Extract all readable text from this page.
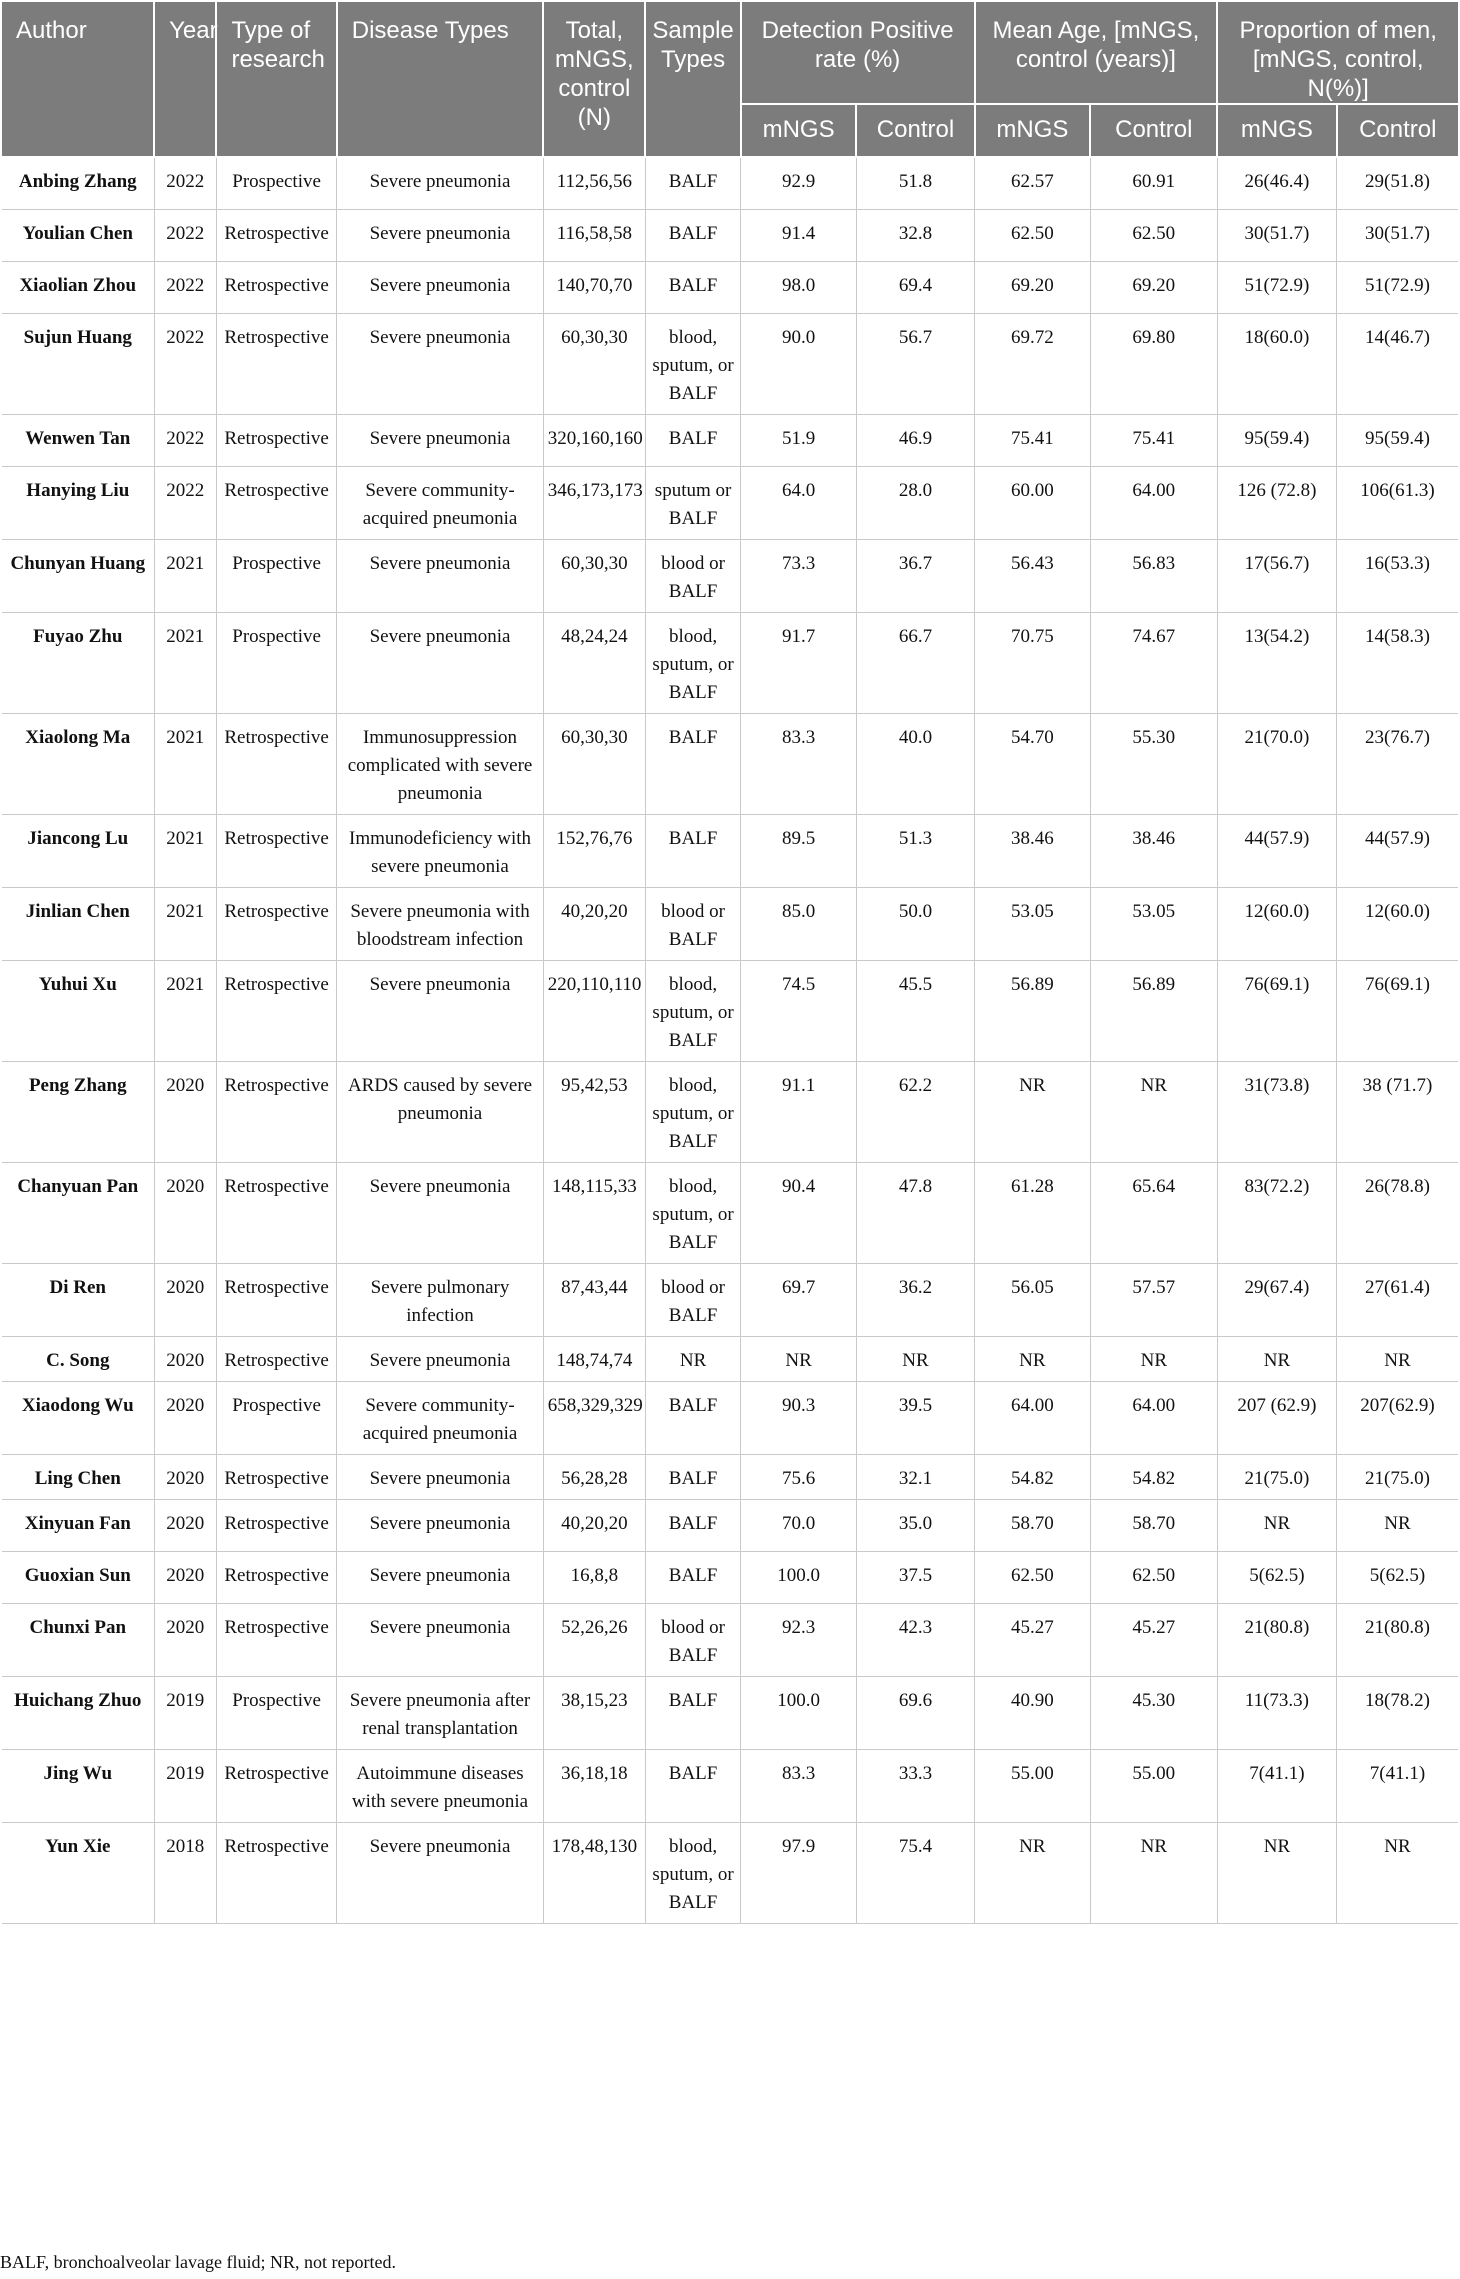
Author	Year	Type of research	Disease Types	Total, mNGS, control (N)	Sample Types	Detection Positive rate (%)		Mean Age, [mNGS, control (years)]		Proportion of men, [mNGS, control, N(%)]	
						mNGS	Control	mNGS	Control	mNGS	Control
Anbing Zhang	2022	Prospective	Severe pneumonia	112,56,56	BALF	92.9	51.8	62.57	60.91	26(46.4)	29(51.8)
Youlian Chen	2022	Retrospective	Severe pneumonia	116,58,58	BALF	91.4	32.8	62.50	62.50	30(51.7)	30(51.7)
Xiaolian Zhou	2022	Retrospective	Severe pneumonia	140,70,70	BALF	98.0	69.4	69.20	69.20	51(72.9)	51(72.9)
Sujun Huang	2022	Retrospective	Severe pneumonia	60,30,30	blood, sputum, or BALF	90.0	56.7	69.72	69.80	18(60.0)	14(46.7)
Wenwen Tan	2022	Retrospective	Severe pneumonia	320,160,160	BALF	51.9	46.9	75.41	75.41	95(59.4)	95(59.4)
Hanying Liu	2022	Retrospective	Severe community-acquired pneumonia	346,173,173	sputum or BALF	64.0	28.0	60.00	64.00	126 (72.8)	106(61.3)
Chunyan Huang	2021	Prospective	Severe pneumonia	60,30,30	blood or BALF	73.3	36.7	56.43	56.83	17(56.7)	16(53.3)
Fuyao Zhu	2021	Prospective	Severe pneumonia	48,24,24	blood, sputum, or BALF	91.7	66.7	70.75	74.67	13(54.2)	14(58.3)
Xiaolong Ma	2021	Retrospective	Immunosuppression complicated with severe pneumonia	60,30,30	BALF	83.3	40.0	54.70	55.30	21(70.0)	23(76.7)
Jiancong Lu	2021	Retrospective	Immunodeficiency with severe pneumonia	152,76,76	BALF	89.5	51.3	38.46	38.46	44(57.9)	44(57.9)
Jinlian Chen	2021	Retrospective	Severe pneumonia with bloodstream infection	40,20,20	blood or BALF	85.0	50.0	53.05	53.05	12(60.0)	12(60.0)
Yuhui Xu	2021	Retrospective	Severe pneumonia	220,110,110	blood, sputum, or BALF	74.5	45.5	56.89	56.89	76(69.1)	76(69.1)
Peng Zhang	2020	Retrospective	ARDS caused by severe pneumonia	95,42,53	blood, sputum, or BALF	91.1	62.2	NR	NR	31(73.8)	38 (71.7)
Chanyuan Pan	2020	Retrospective	Severe pneumonia	148,115,33	blood, sputum, or BALF	90.4	47.8	61.28	65.64	83(72.2)	26(78.8)
Di Ren	2020	Retrospective	Severe pulmonary infection	87,43,44	blood or BALF	69.7	36.2	56.05	57.57	29(67.4)	27(61.4)
C. Song	2020	Retrospective	Severe pneumonia	148,74,74	NR	NR	NR	NR	NR	NR	NR
Xiaodong Wu	2020	Prospective	Severe community-acquired pneumonia	658,329,329	BALF	90.3	39.5	64.00	64.00	207 (62.9)	207(62.9)
Ling Chen	2020	Retrospective	Severe pneumonia	56,28,28	BALF	75.6	32.1	54.82	54.82	21(75.0)	21(75.0)
Xinyuan Fan	2020	Retrospective	Severe pneumonia	40,20,20	BALF	70.0	35.0	58.70	58.70	NR	NR
Guoxian Sun	2020	Retrospective	Severe pneumonia	16,8,8	BALF	100.0	37.5	62.50	62.50	5(62.5)	5(62.5)
Chunxi Pan	2020	Retrospective	Severe pneumonia	52,26,26	blood or BALF	92.3	42.3	45.27	45.27	21(80.8)	21(80.8)
Huichang Zhuo	2019	Prospective	Severe pneumonia after renal transplantation	38,15,23	BALF	100.0	69.6	40.90	45.30	11(73.3)	18(78.2)
Jing Wu	2019	Retrospective	Autoimmune diseases with severe pneumonia	36,18,18	BALF	83.3	33.3	55.00	55.00	7(41.1)	7(41.1)
Yun Xie	2018	Retrospective	Severe pneumonia	178,48,130	blood, sputum, or BALF	97.9	75.4	NR	NR	NR	NR
BALF, bronchoalveolar lavage fluid; NR, not reported.
